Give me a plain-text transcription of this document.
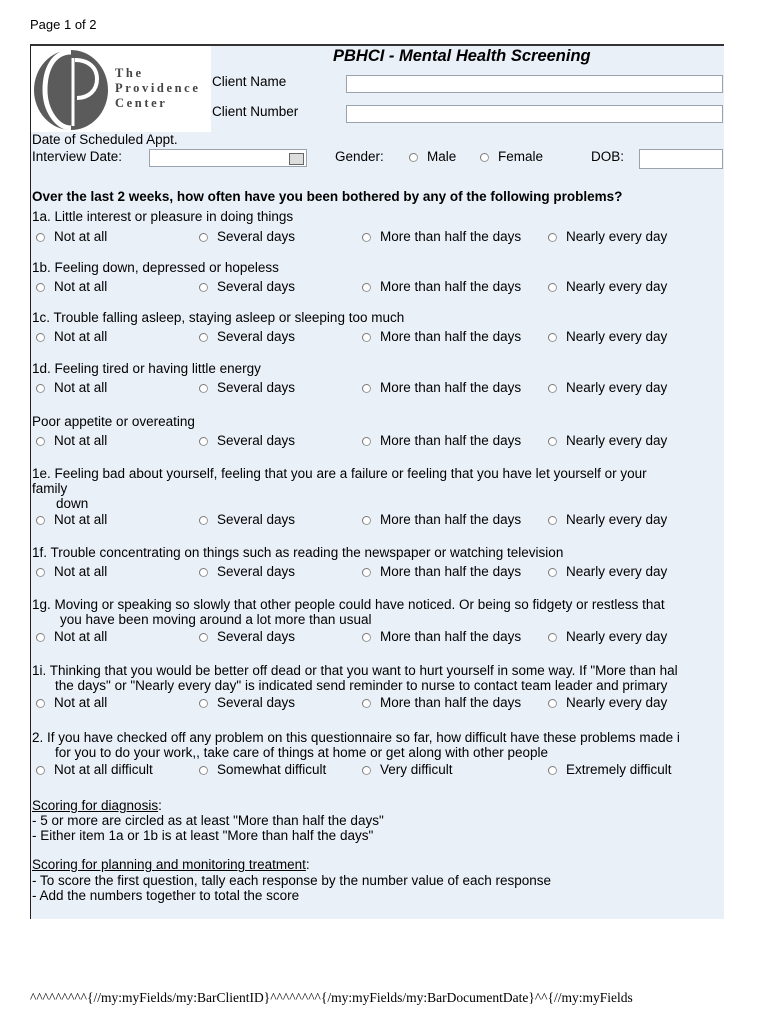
Page 1 of 2
The
Providence
Center
PBHCI - Mental Health Screening
Client Name
Client Number
Date of Scheduled Appt.
Interview Date:	Gender:	Male	Female	DOB:
Over the last 2 weeks, how often have you been bothered by any of the following problems?
1a. Little interest or pleasure in doing things
Not at all	Several days	More than half the days	Nearly every day
1b. Feeling down, depressed or hopeless
Not at all	Several days	More than half the days	Nearly every day
1c. Trouble falling asleep, staying asleep or sleeping too much
Not at all	Several days	More than half the days	Nearly every day
1d. Feeling tired or having little energy
Not at all	Several days	More than half the days	Nearly every day
Poor appetite or overeating
Not at all	Several days	More than half the days	Nearly every day
1e. Feeling bad about yourself, feeling that you are a failure or feeling that you have let yourself or your
family
down
Not at all	Several days	More than half the days	Nearly every day
1f. Trouble concentrating on things such as reading the newspaper or watching television
Not at all	Several days	More than half the days	Nearly every day
1g. Moving or speaking so slowly that other people could have noticed. Or being so fidgety or restless that
you have been moving around a lot more than usual
Not at all	Several days	More than half the days	Nearly every day
1i. Thinking that you would be better off dead or that you want to hurt yourself in some way. If "More than hal
the days" or "Nearly every day" is indicated send reminder to nurse to contact team leader and primary
Not at all	Several days	More than half the days	Nearly every day
2. If you have checked off any problem on this questionnaire so far, how difficult have these problems made i
for you to do your work,, take care of things at home or get along with other people
Not at all difficult	Somewhat difficult	Very difficult	Extremely difficult
Scoring for diagnosis:
- 5 or more are circled as at least "More than half the days"
- Either item 1a or 1b is at least "More than half the days"
Scoring for planning and monitoring treatment:
- To score the first question, tally each response by the number value of each response
- Add the numbers together to total the score
^^^^^^^^^{//my:myFields/my:BarClientID}^^^^^^^^{/my:myFields/my:BarDocumentDate}^^{//my:myFields
